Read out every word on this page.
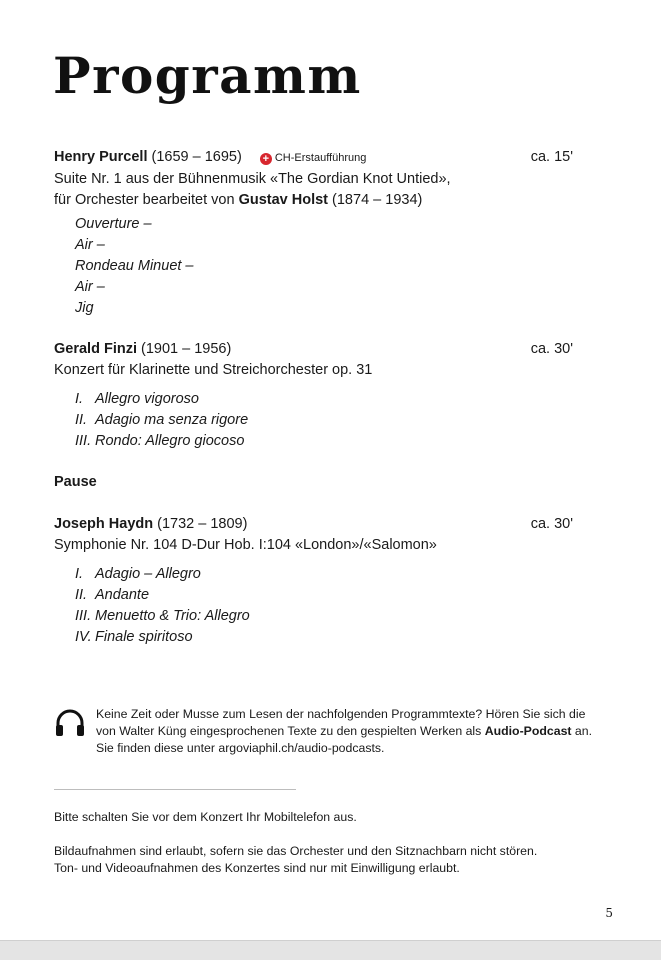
Programm
Henry Purcell (1659 – 1695) + CH-Erstaufführung	ca. 15'
Suite Nr. 1 aus der Bühnenmusik «The Gordian Knot Untied»,
für Orchester bearbeitet von Gustav Holst (1874 – 1934)
Ouverture –
Air –
Rondeau Minuet –
Air –
Jig
Gerald Finzi (1901 – 1956)	ca. 30'
Konzert für Klarinette und Streichorchester op. 31
I. Allegro vigoroso
II. Adagio ma senza rigore
III. Rondo: Allegro giocoso
Pause
Joseph Haydn (1732 – 1809)	ca. 30'
Symphonie Nr. 104 D-Dur Hob. I:104 «London»/«Salomon»
I. Adagio – Allegro
II. Andante
III. Menuetto & Trio: Allegro
IV. Finale spiritoso
Keine Zeit oder Musse zum Lesen der nachfolgenden Programmtexte? Hören Sie sich die von Walter Küng eingesprochenen Texte zu den gespielten Werken als Audio-Podcast an. Sie finden diese unter argoviaphil.ch/audio-podcasts.
Bitte schalten Sie vor dem Konzert Ihr Mobiltelefon aus.
Bildaufnahmen sind erlaubt, sofern sie das Orchester und den Sitznachbarn nicht stören.
Ton- und Videoaufnahmen des Konzertes sind nur mit Einwilligung erlaubt.
5
